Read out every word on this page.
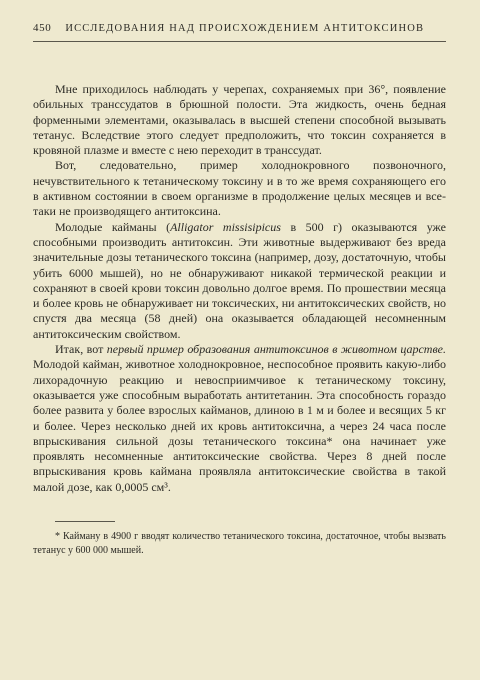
450 ИССЛЕДОВАНИЯ НАД ПРОИСХОЖДЕНИЕМ АНТИТОКСИНОВ

Мне приходилось наблюдать у черепах, сохраняемых при 36°, появление обильных транссудатов в брюшной полости. Эта жидкость, очень бедная форменными элементами, оказывалась в высшей степени способной вызывать тетанус. Вследствие этого следует предположить, что токсин сохраняется в кровяной плазме и вместе с нею переходит в транссудат.

Вот, следовательно, пример холоднокровного позвоночного, нечувствительного к тетаническому токсину и в то же время сохраняющего его в активном состоянии в своем организме в продолжение целых месяцев и все-таки не производящего антитоксина.

Молодые кайманы (Alligator missisipicus в 500 г) оказываются уже способными производить антитоксин. Эти животные выдерживают без вреда значительные дозы тетанического токсина (например, дозу, достаточную, чтобы убить 6000 мышей), но не обнаруживают никакой термической реакции и сохраняют в своей крови токсин довольно долгое время. По прошествии месяца и более кровь не обнаруживает ни токсических, ни антитоксических свойств, но спустя два месяца (58 дней) она оказывается обладающей несомненным антитоксическим свойством.

Итак, вот первый пример образования антитоксинов в животном царстве. Молодой кайман, животное холоднокровное, неспособное проявить какую-либо лихорадочную реакцию и невосприимчивое к тетаническому токсину, оказывается уже способным выработать антитетанин. Эта способность гораздо более развита у более взрослых кайманов, длиною в 1 м и более и весящих 5 кг и более. Через несколько дней их кровь антитоксична, а через 24 часа после впрыскивания сильной дозы тетанического токсина* она начинает уже проявлять несомненные антитоксические свойства. Через 8 дней после впрыскивания кровь каймана проявляла антитоксические свойства в такой малой дозе, как 0,0005 см³.

* Кайману в 4900 г вводят количество тетанического токсина, достаточное, чтобы вызвать тетанус у 600 000 мышей.
